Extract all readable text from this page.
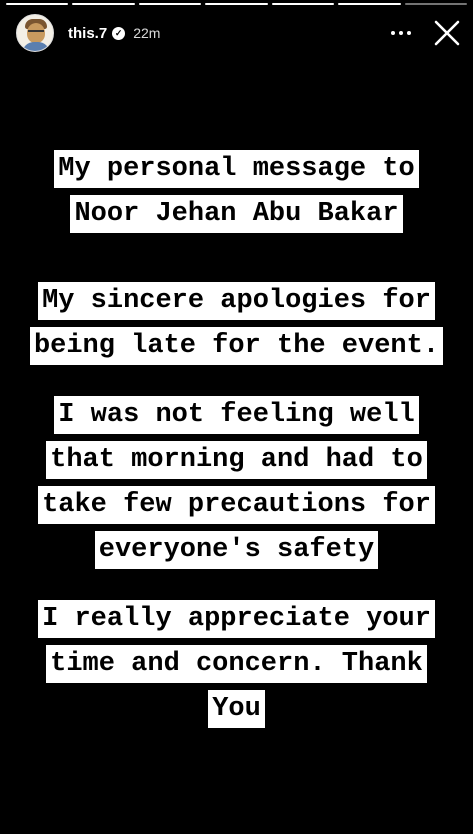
this.7 ✓ 22m
My personal message to
Noor Jehan Abu Bakar
My sincere apologies for
being late for the event.
I was not feeling well
that morning and had to
take few precautions for
everyone's safety
I really appreciate your
time and concern. Thank
You
